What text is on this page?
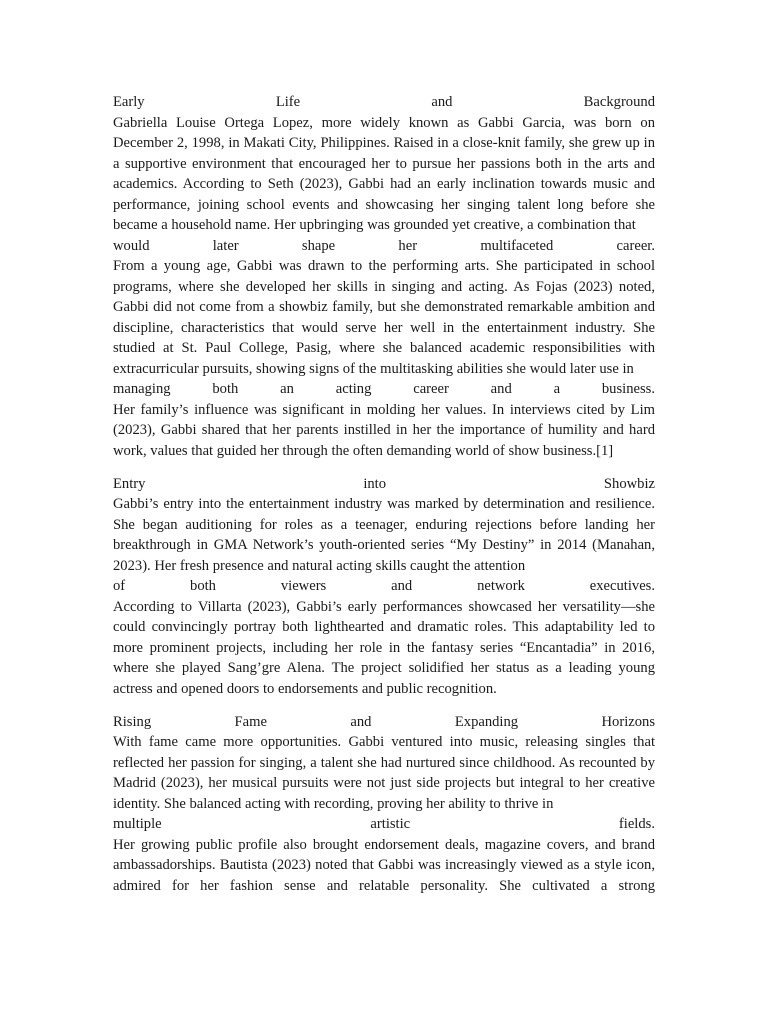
Early Life and Background
Gabriella Louise Ortega Lopez, more widely known as Gabbi Garcia, was born on December 2, 1998, in Makati City, Philippines. Raised in a close-knit family, she grew up in a supportive environment that encouraged her to pursue her passions both in the arts and academics. According to Seth (2023), Gabbi had an early inclination towards music and performance, joining school events and showcasing her singing talent long before she became a household name. Her upbringing was grounded yet creative, a combination that
would later shape her multifaceted career.
From a young age, Gabbi was drawn to the performing arts. She participated in school programs, where she developed her skills in singing and acting. As Fojas (2023) noted, Gabbi did not come from a showbiz family, but she demonstrated remarkable ambition and discipline, characteristics that would serve her well in the entertainment industry. She studied at St. Paul College, Pasig, where she balanced academic responsibilities with extracurricular pursuits, showing signs of the multitasking abilities she would later use in
managing both an acting career and a business.
Her family’s influence was significant in molding her values. In interviews cited by Lim (2023), Gabbi shared that her parents instilled in her the importance of humility and hard work, values that guided her through the often demanding world of show business.[1]
Entry into Showbiz
Gabbi’s entry into the entertainment industry was marked by determination and resilience. She began auditioning for roles as a teenager, enduring rejections before landing her breakthrough in GMA Network’s youth-oriented series “My Destiny” in 2014 (Manahan, 2023). Her fresh presence and natural acting skills caught the attention
of both viewers and network executives.
According to Villarta (2023), Gabbi’s early performances showcased her versatility—she could convincingly portray both lighthearted and dramatic roles. This adaptability led to more prominent projects, including her role in the fantasy series “Encantadia” in 2016, where she played Sang’gre Alena. The project solidified her status as a leading young actress and opened doors to endorsements and public recognition.
Rising Fame and Expanding Horizons
With fame came more opportunities. Gabbi ventured into music, releasing singles that reflected her passion for singing, a talent she had nurtured since childhood. As recounted by Madrid (2023), her musical pursuits were not just side projects but integral to her creative identity. She balanced acting with recording, proving her ability to thrive in
multiple artistic fields.
Her growing public profile also brought endorsement deals, magazine covers, and brand ambassadorships. Bautista (2023) noted that Gabbi was increasingly viewed as a style icon, admired for her fashion sense and relatable personality. She cultivated a strong
